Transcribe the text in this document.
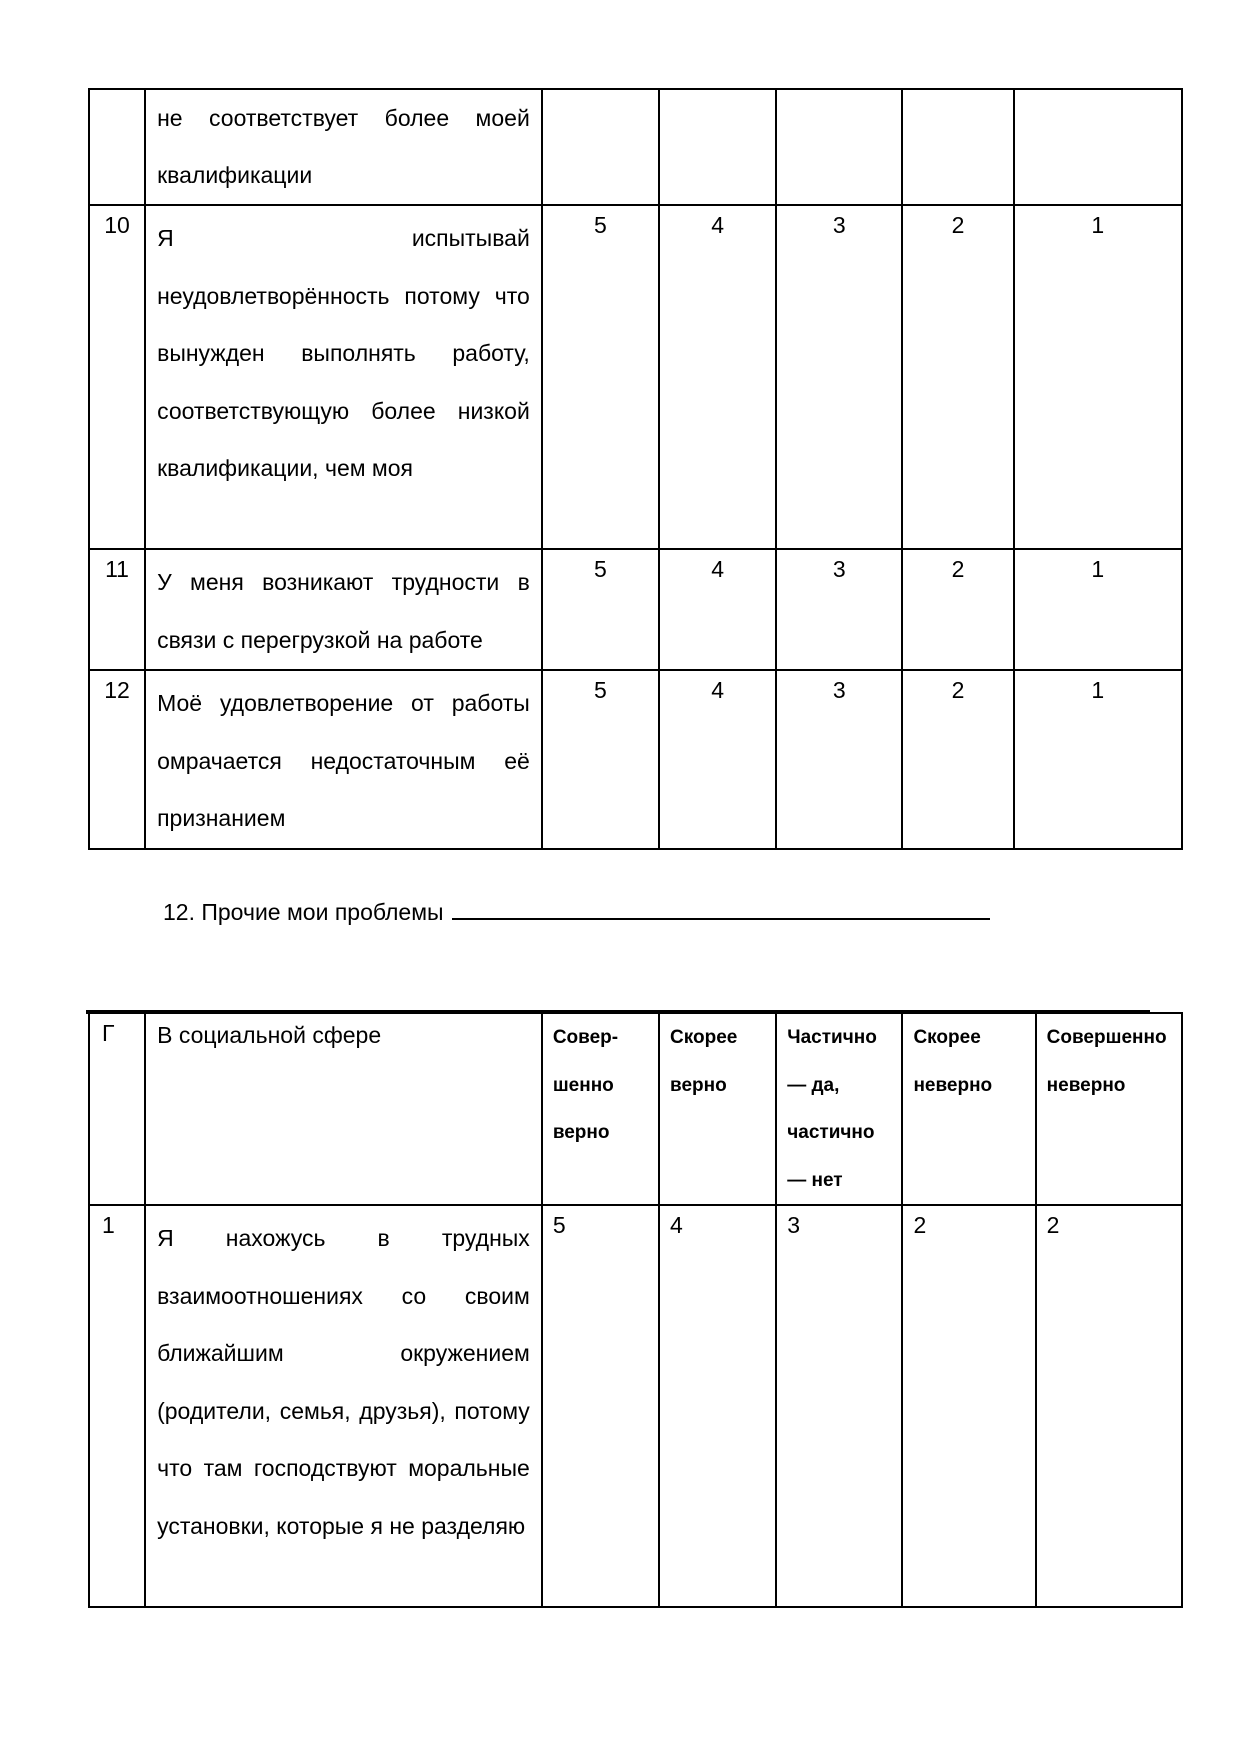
	не соответствует более моей квалификации					
10	Я испытывай неудовлетворённость потому что вынужден выполнять работу, соответствующую более низкой квалификации, чем моя	5	4	3	2	1
11	У меня возникают трудности в связи с перегрузкой на работе	5	4	3	2	1
12	Моё удовлетворение от работы омрачается недостаточным её признанием	5	4	3	2	1
12. Прочие мои проблемы
Г	В социальной сфере	Совер-шенно верно	Скорее верно	Частично — да, частично — нет	Скорее неверно	Совершенно неверно
1	Я нахожусь в трудных взаимоотношениях со своим ближайшим окружением (родители, семья, друзья), потому что там господствуют моральные установки, которые я не разделяю	5	4	3	2	2
